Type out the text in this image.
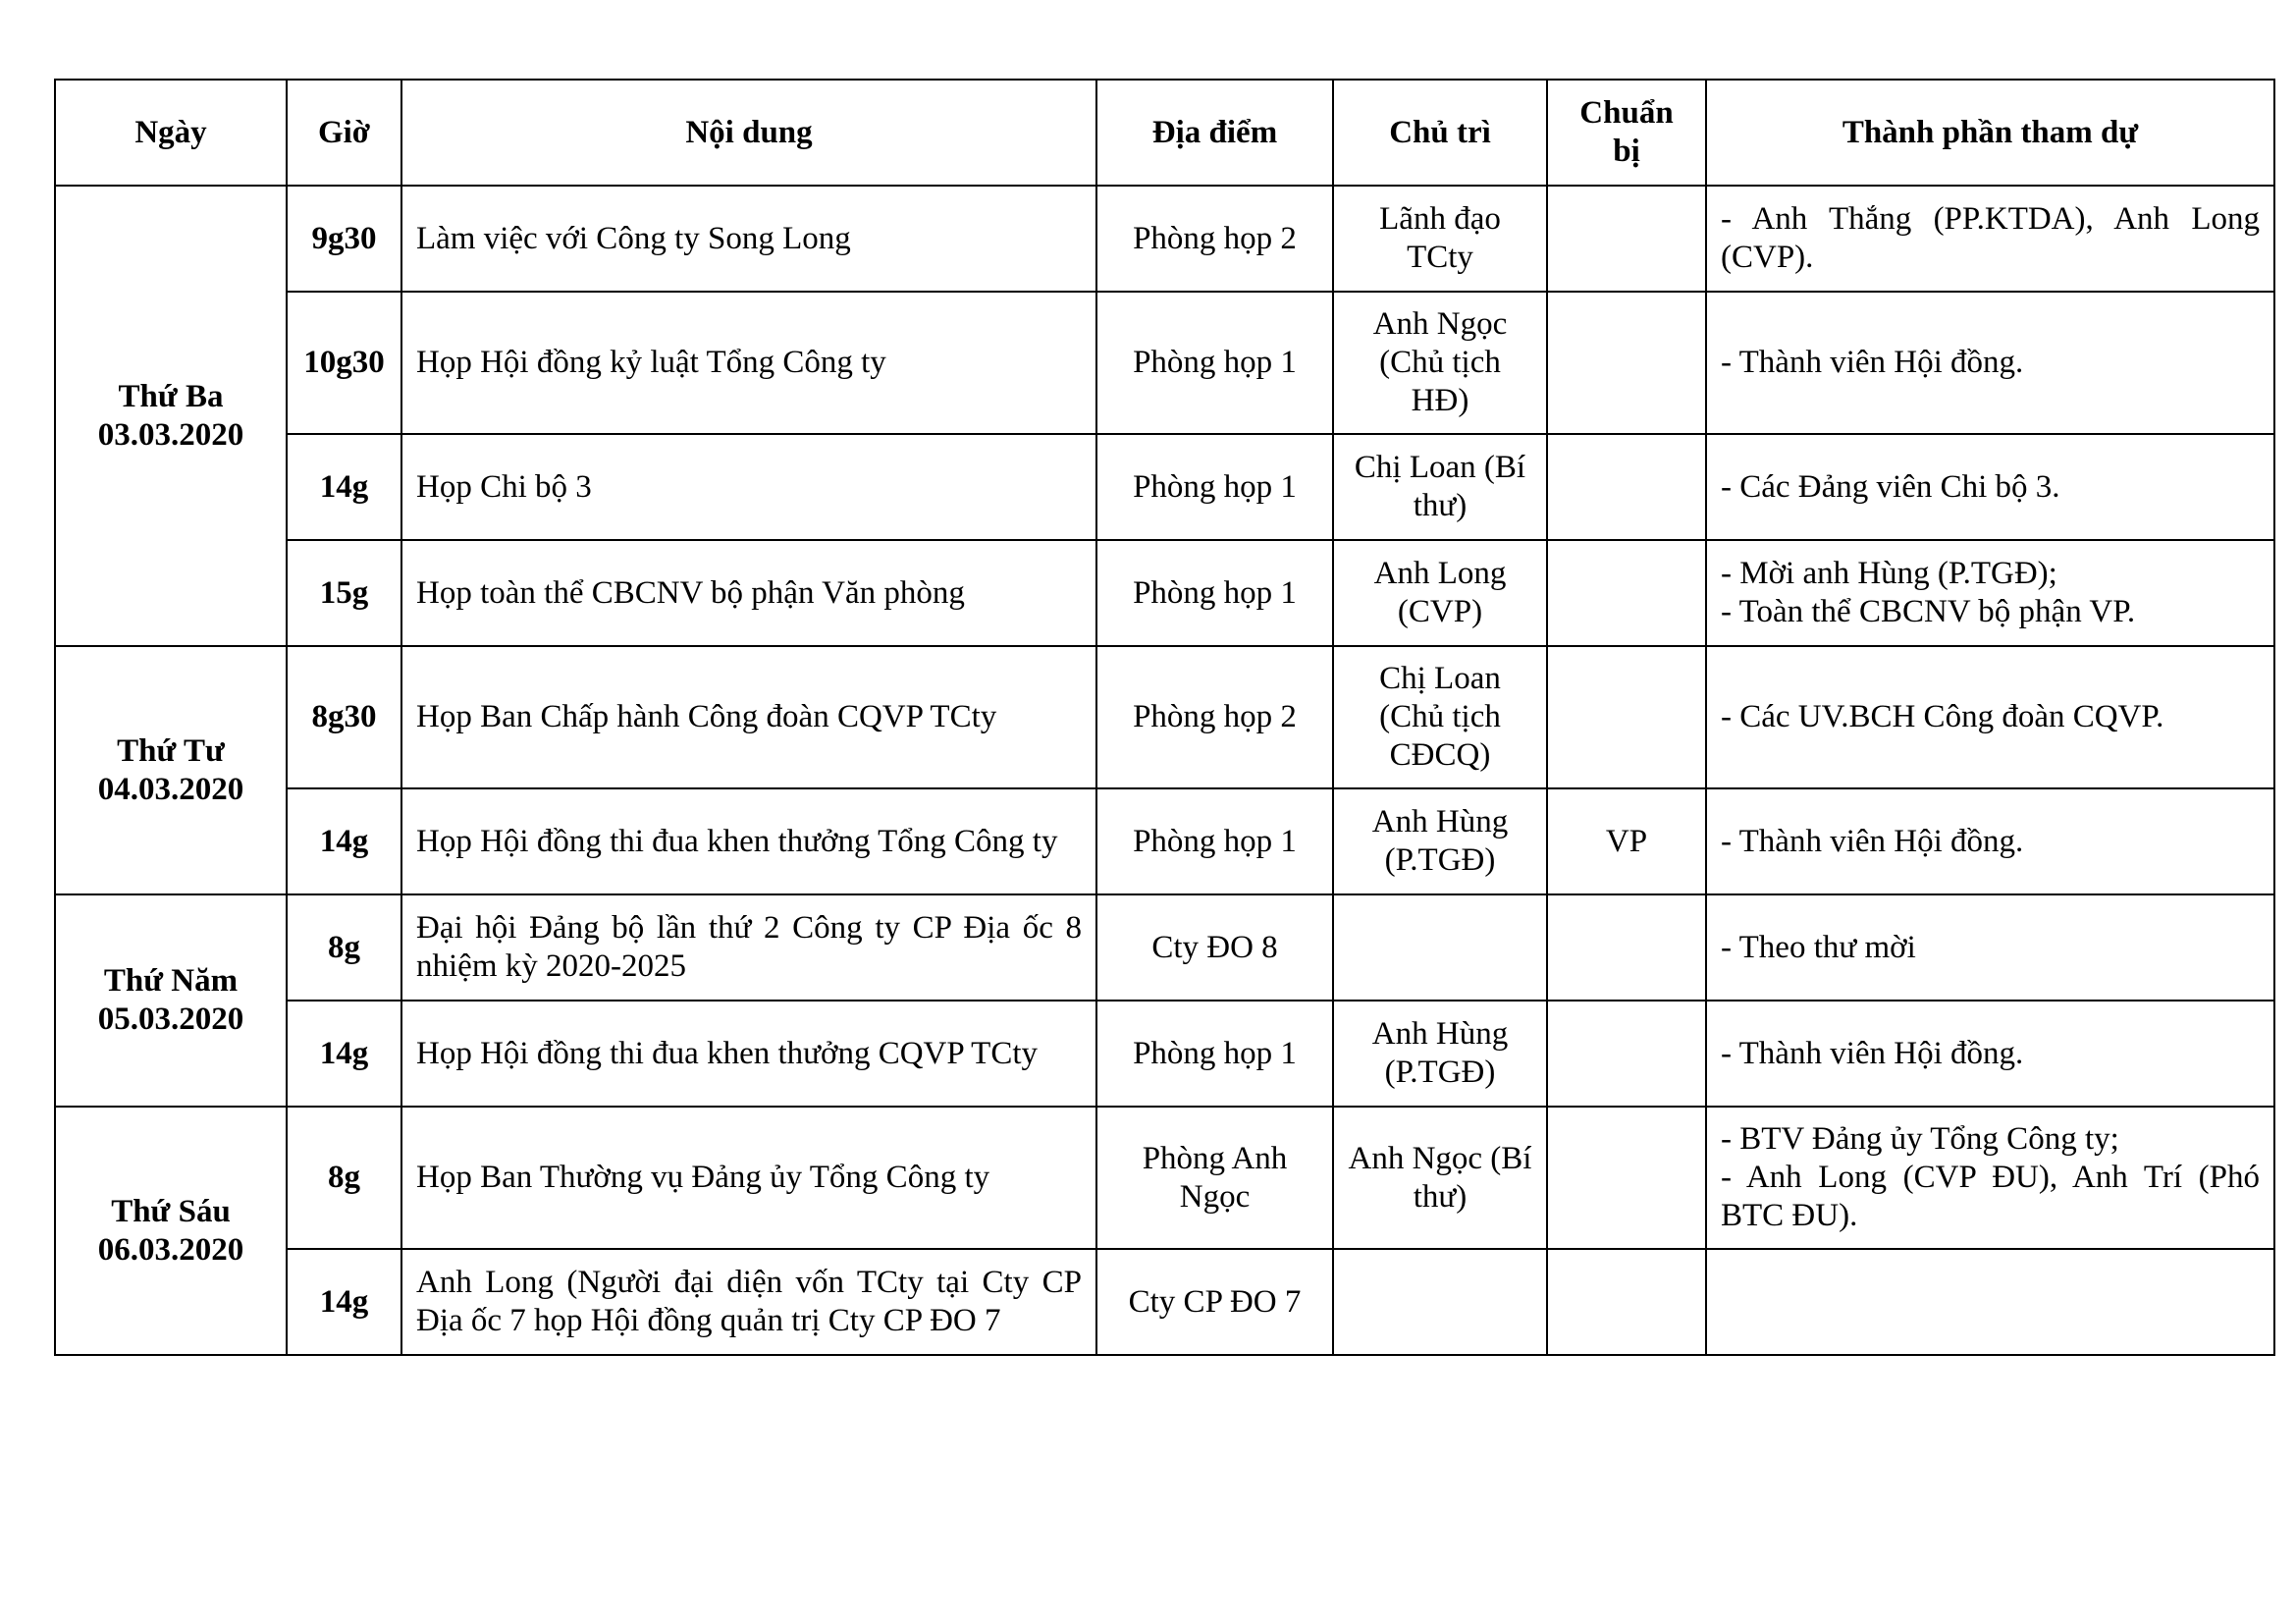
Ngày	Giờ	Nội dung	Địa điểm	Chủ trì	Chuẩn bị	Thành phần tham dự

Thứ Ba
03.03.2020	9g30	Làm việc với Công ty Song Long	Phòng họp 2	Lãnh đạo TCty		- Anh Thắng (PP.KTDA), Anh Long (CVP).

	10g30	Họp Hội đồng kỷ luật Tổng Công ty	Phòng họp 1	Anh Ngọc (Chủ tịch HĐ)		- Thành viên Hội đồng.

	14g	Họp Chi bộ 3	Phòng họp 1	Chị Loan (Bí thư)		- Các Đảng viên Chi bộ 3.

	15g	Họp toàn thể CBCNV bộ phận Văn phòng	Phòng họp 1	Anh Long (CVP)		- Mời anh Hùng (P.TGĐ);
- Toàn thể CBCNV bộ phận VP.

Thứ Tư
04.03.2020	8g30	Họp Ban Chấp hành Công đoàn CQVP TCty	Phòng họp 2	Chị Loan (Chủ tịch CĐCQ)		- Các UV.BCH Công đoàn CQVP.

	14g	Họp Hội đồng thi đua khen thưởng Tổng Công ty	Phòng họp 1	Anh Hùng (P.TGĐ)	VP	- Thành viên Hội đồng.

Thứ Năm
05.03.2020	8g	Đại hội Đảng bộ lần thứ 2 Công ty CP Địa ốc 8 nhiệm kỳ 2020-2025	Cty ĐO 8			- Theo thư mời

	14g	Họp Hội đồng thi đua khen thưởng CQVP TCty	Phòng họp 1	Anh Hùng (P.TGĐ)		- Thành viên Hội đồng.

Thứ Sáu
06.03.2020	8g	Họp Ban Thường vụ Đảng ủy Tổng Công ty	Phòng Anh Ngọc	Anh Ngọc (Bí thư)		- BTV Đảng ủy Tổng Công ty;
- Anh Long (CVP ĐU), Anh Trí (Phó BTC ĐU).

	14g	Anh Long (Người đại diện vốn TCty tại Cty CP Địa ốc 7 họp Hội đồng quản trị Cty CP ĐO 7	Cty CP ĐO 7			
